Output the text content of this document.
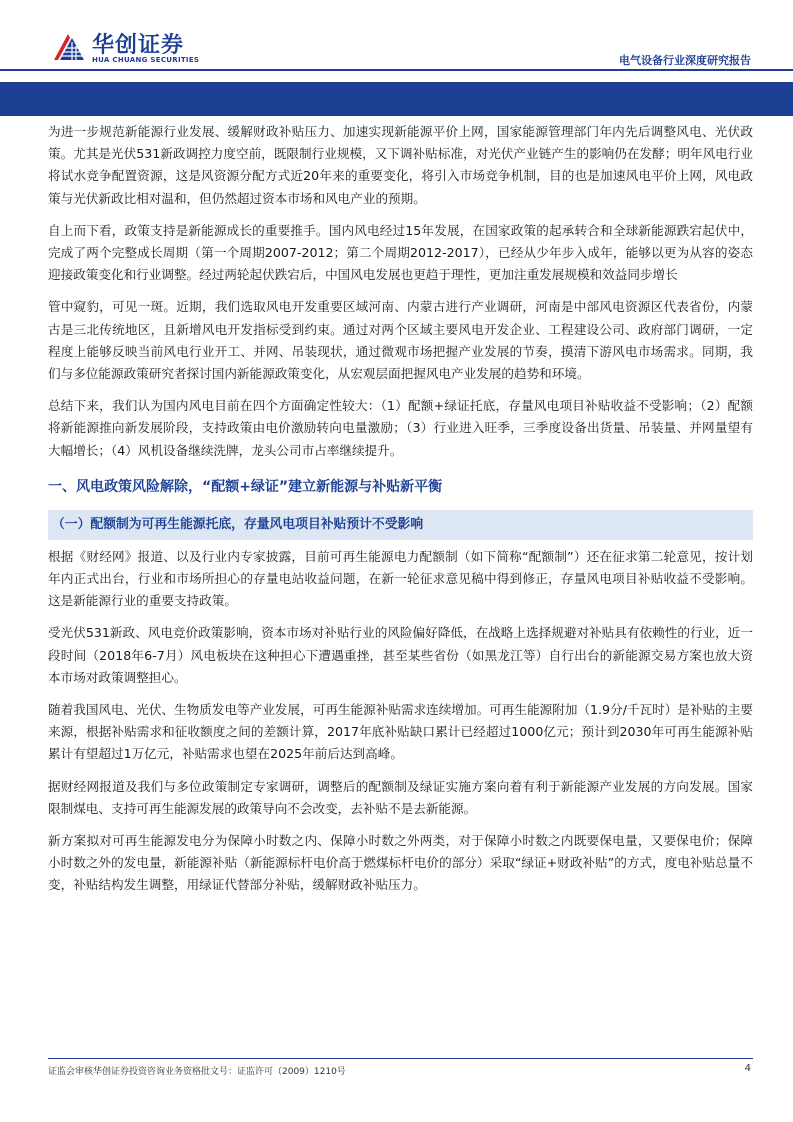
华创证券
HUA CHUANG SECURITIES	电气设备行业深度研究报告

为进一步规范新能源行业发展、缓解财政补贴压力、加速实现新能源平价上网，国家能源管理部门年内先后调整风电、光伏政策。尤其是光伏531新政调控力度空前，既限制行业规模，又下调补贴标准，对光伏产业链产生的影响仍在发酵；明年风电行业将试水竞争配置资源，这是风资源分配方式近20年来的重要变化，将引入市场竞争机制，目的也是加速风电平价上网，风电政策与光伏新政比相对温和，但仍然超过资本市场和风电产业的预期。

自上而下看，政策支持是新能源成长的重要推手。国内风电经过15年发展，在国家政策的起承转合和全球新能源跌宕起伏中，完成了两个完整成长周期（第一个周期2007-2012；第二个周期2012-2017），已经从少年步入成年，能够以更为从容的姿态迎接政策变化和行业调整。经过两轮起伏跌宕后，中国风电发展也更趋于理性，更加注重发展规模和效益同步增长

管中窥豹，可见一斑。近期，我们选取风电开发重要区域河南、内蒙古进行产业调研，河南是中部风电资源区代表省份，内蒙古是三北传统地区，且新增风电开发指标受到约束。通过对两个区域主要风电开发企业、工程建设公司、政府部门调研，一定程度上能够反映当前风电行业开工、并网、吊装现状，通过微观市场把握产业发展的节奏，摸清下游风电市场需求。同期，我们与多位能源政策研究者探讨国内新能源政策变化，从宏观层面把握风电产业发展的趋势和环境。

总结下来，我们认为国内风电目前在四个方面确定性较大：（1）配额+绿证托底，存量风电项目补贴收益不受影响；（2）配额将新能源推向新发展阶段，支持政策由电价激励转向电量激励；（3）行业进入旺季，三季度设备出货量、吊装量、并网量望有大幅增长；（4）风机设备继续洗牌，龙头公司市占率继续提升。

一、风电政策风险解除，“配额+绿证”建立新能源与补贴新平衡
（一）配额制为可再生能源托底，存量风电项目补贴预计不受影响

根据《财经网》报道、以及行业内专家披露，目前可再生能源电力配额制（如下简称“配额制”）还在征求第二轮意见，按计划年内正式出台，行业和市场所担心的存量电站收益问题，在新一轮征求意见稿中得到修正，存量风电项目补贴收益不受影响。这是新能源行业的重要支持政策。

受光伏531新政、风电竞价政策影响，资本市场对补贴行业的风险偏好降低，在战略上选择规避对补贴具有依赖性的行业，近一段时间（2018年6-7月）风电板块在这种担心下遭遇重挫，甚至某些省份（如黑龙江等）自行出台的新能源交易方案也放大资本市场对政策调整担心。

随着我国风电、光伏、生物质发电等产业发展，可再生能源补贴需求连续增加。可再生能源附加（1.9分/千瓦时）是补贴的主要来源，根据补贴需求和征收额度之间的差额计算，2017年底补贴缺口累计已经超过1000亿元；预计到2030年可再生能源补贴累计有望超过1万亿元，补贴需求也望在2025年前后达到高峰。

据财经网报道及我们与多位政策制定专家调研，调整后的配额制及绿证实施方案向着有利于新能源产业发展的方向发展。国家限制煤电、支持可再生能源发展的政策导向不会改变，去补贴不是去新能源。

新方案拟对可再生能源发电分为保障小时数之内、保障小时数之外两类，对于保障小时数之内既要保电量，又要保电价；保障小时数之外的发电量，新能源补贴（新能源标杆电价高于燃煤标杆电价的部分）采取“绿证+财政补贴”的方式，度电补贴总量不变，补贴结构发生调整，用绿证代替部分补贴，缓解财政补贴压力。

证监会审核华创证券投资咨询业务资格批文号：证监许可（2009）1210号	4
